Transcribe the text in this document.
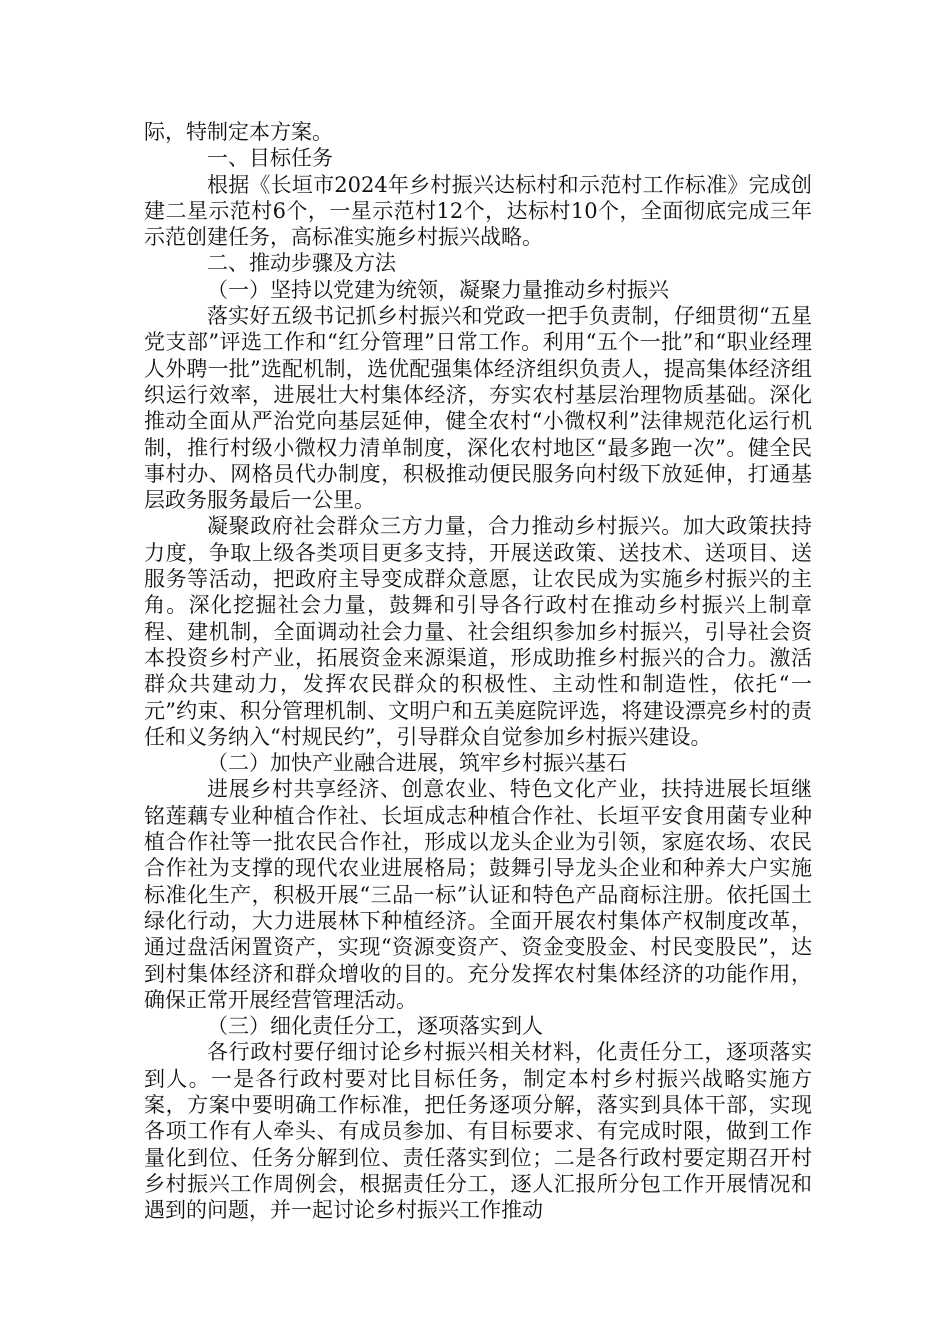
际，特制定本方案。

一、目标任务

根据《长垣市2024年乡村振兴达标村和示范村工作标准》完成创建二星示范村6个，一星示范村12个，达标村10个，全面彻底完成三年示范创建任务，高标准实施乡村振兴战略。

二、推动步骤及方法

（一）坚持以党建为统领，凝聚力量推动乡村振兴

落实好五级书记抓乡村振兴和党政一把手负责制，仔细贯彻“五星党支部”评选工作和“红分管理”日常工作。利用“五个一批”和“职业经理人外聘一批”选配机制，选优配强集体经济组织负责人，提高集体经济组织运行效率，进展壮大村集体经济，夯实农村基层治理物质基础。深化推动全面从严治党向基层延伸，健全农村“小微权利”法律规范化运行机制，推行村级小微权力清单制度，深化农村地区“最多跑一次”。健全民事村办、网格员代办制度，积极推动便民服务向村级下放延伸，打通基层政务服务最后一公里。

凝聚政府社会群众三方力量，合力推动乡村振兴。加大政策扶持力度，争取上级各类项目更多支持，开展送政策、送技术、送项目、送服务等活动，把政府主导变成群众意愿，让农民成为实施乡村振兴的主角。深化挖掘社会力量，鼓舞和引导各行政村在推动乡村振兴上制章程、建机制，全面调动社会力量、社会组织参加乡村振兴，引导社会资本投资乡村产业，拓展资金来源渠道，形成助推乡村振兴的合力。激活群众共建动力，发挥农民群众的积极性、主动性和制造性，依托“一元”约束、积分管理机制、文明户和五美庭院评选，将建设漂亮乡村的责任和义务纳入“村规民约”，引导群众自觉参加乡村振兴建设。

（二）加快产业融合进展，筑牢乡村振兴基石

进展乡村共享经济、创意农业、特色文化产业，扶持进展长垣继铭莲藕专业种植合作社、长垣成志种植合作社、长垣平安食用菌专业种植合作社等一批农民合作社，形成以龙头企业为引领，家庭农场、农民合作社为支撑的现代农业进展格局；鼓舞引导龙头企业和种养大户实施标准化生产，积极开展“三品一标”认证和特色产品商标注册。依托国土绿化行动，大力进展林下种植经济。全面开展农村集体产权制度改革，通过盘活闲置资产，实现“资源变资产、资金变股金、村民变股民”，达到村集体经济和群众增收的目的。充分发挥农村集体经济的功能作用，确保正常开展经营管理活动。

（三）细化责任分工，逐项落实到人

各行政村要仔细讨论乡村振兴相关材料，化责任分工，逐项落实到人。一是各行政村要对比目标任务，制定本村乡村振兴战略实施方案，方案中要明确工作标准，把任务逐项分解，落实到具体干部，实现各项工作有人牵头、有成员参加、有目标要求、有完成时限，做到工作量化到位、任务分解到位、责任落实到位；二是各行政村要定期召开村乡村振兴工作周例会，根据责任分工，逐人汇报所分包工作开展情况和遇到的问题，并一起讨论乡村振兴工作推动
